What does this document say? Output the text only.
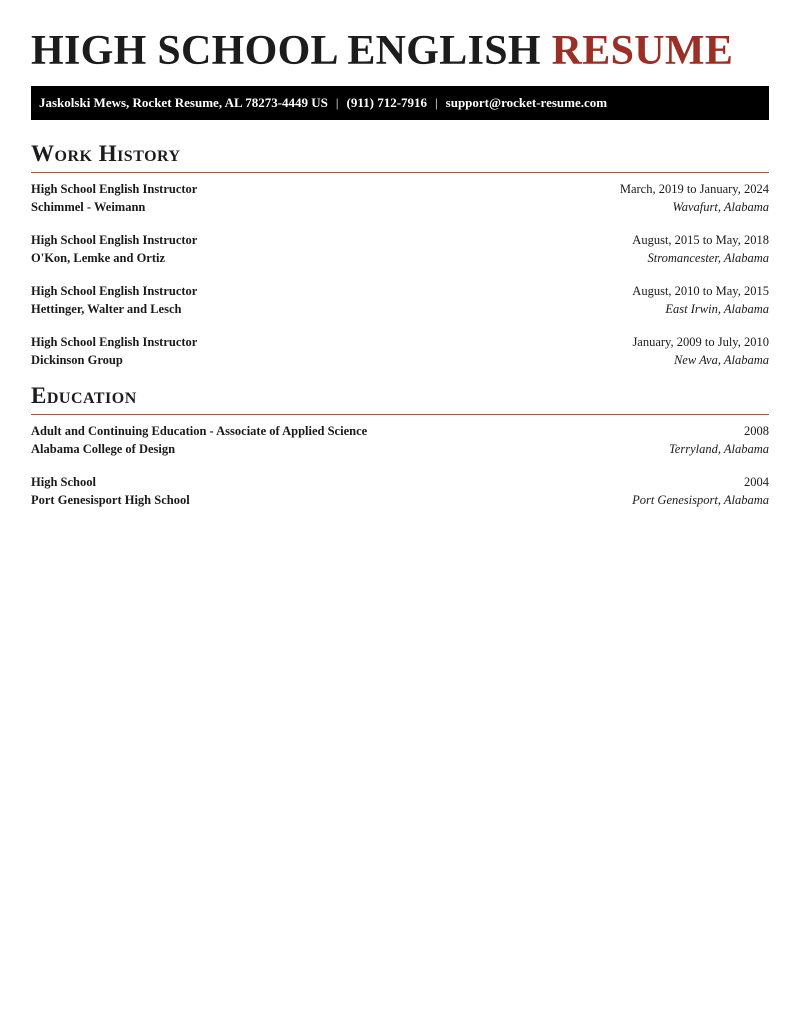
HIGH SCHOOL ENGLISH RESUME
Jaskolski Mews, Rocket Resume, AL 78273-4449 US | (911) 712-7916 | support@rocket-resume.com
Work History
High School English Instructor	March, 2019 to January, 2024
Schimmel - Weimann	Wavafurt, Alabama
High School English Instructor	August, 2015 to May, 2018
O'Kon, Lemke and Ortiz	Stromancester, Alabama
High School English Instructor	August, 2010 to May, 2015
Hettinger, Walter and Lesch	East Irwin, Alabama
High School English Instructor	January, 2009 to July, 2010
Dickinson Group	New Ava, Alabama
Education
Adult and Continuing Education - Associate of Applied Science	2008
Alabama College of Design	Terryland, Alabama
High School	2004
Port Genesisport High School	Port Genesisport, Alabama
